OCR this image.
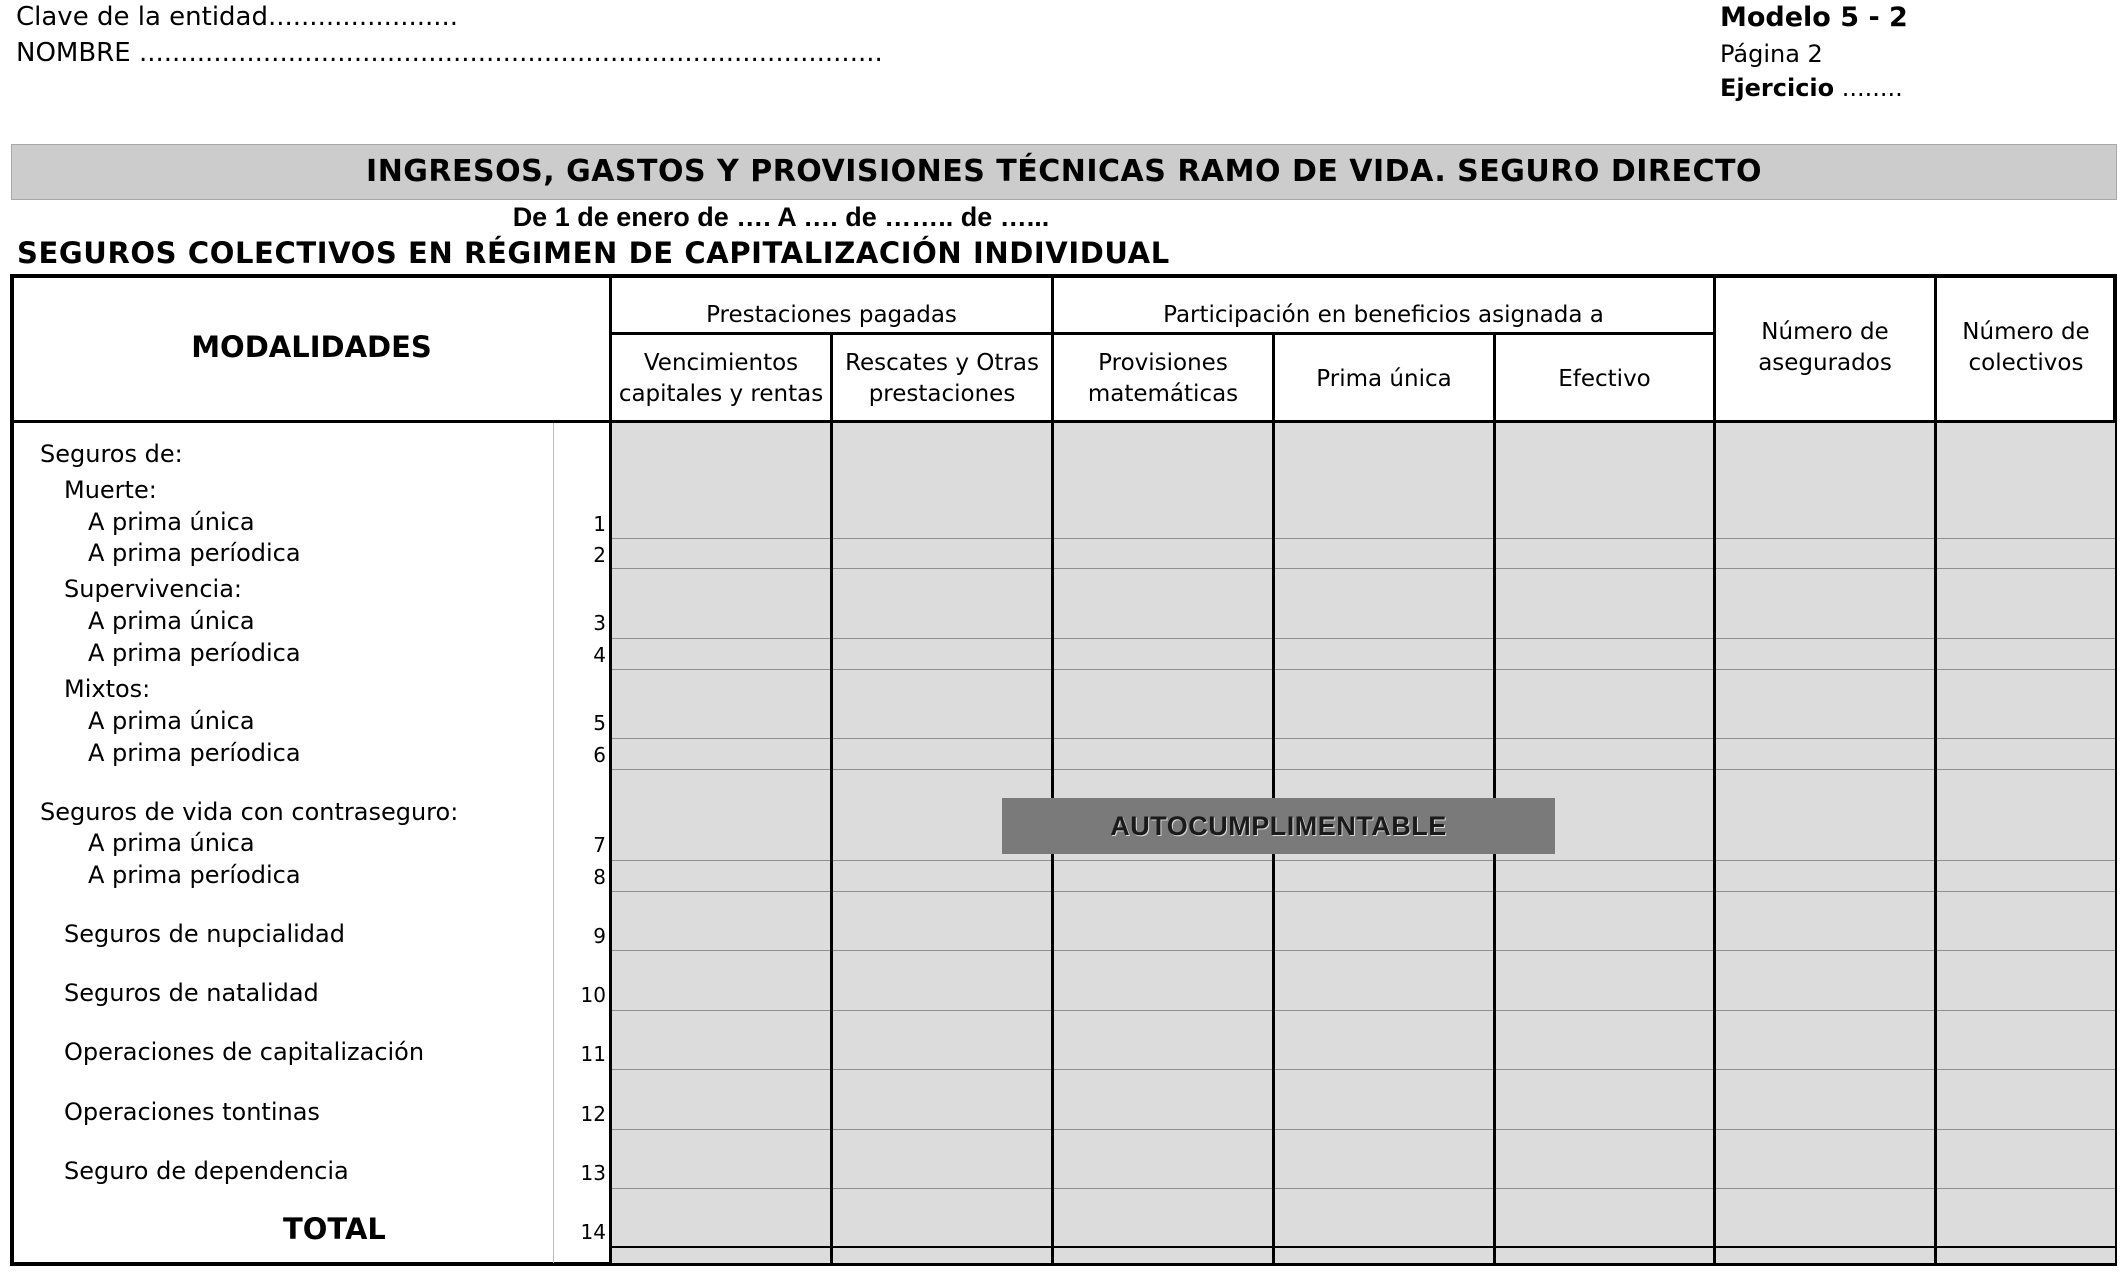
Clave de la entidad.......................
NOMBRE ..........................................................................................
Modelo 5 - 2
Página 2
Ejercicio ........
INGRESOS, GASTOS Y PROVISIONES TÉCNICAS RAMO DE VIDA. SEGURO DIRECTO
De 1 de enero de …. A …. de …….. de …...
SEGUROS COLECTIVOS EN RÉGIMEN DE CAPITALIZACIÓN INDIVIDUAL
MODALIDADES
Prestaciones pagadas	Participación en beneficios asignada a
Vencimientos
capitales y rentas
Rescates y Otras
prestaciones
Provisiones
matemáticas
Prima única	Efectivo
Número de
asegurados
Número de
colectivos
Seguros de:
Muerte:
A prima única
A prima períodica
Supervivencia:
A prima única
A prima períodica
Mixtos:
A prima única
A prima períodica
Seguros de vida con contraseguro:
A prima única
A prima períodica
Seguros de nupcialidad
Seguros de natalidad
Operaciones de capitalización
Operaciones tontinas
Seguro de dependencia
TOTAL
1
2
3
4
5
6
7
8
9
10
11
12
13
14
AUTOCUMPLIMENTABLE
